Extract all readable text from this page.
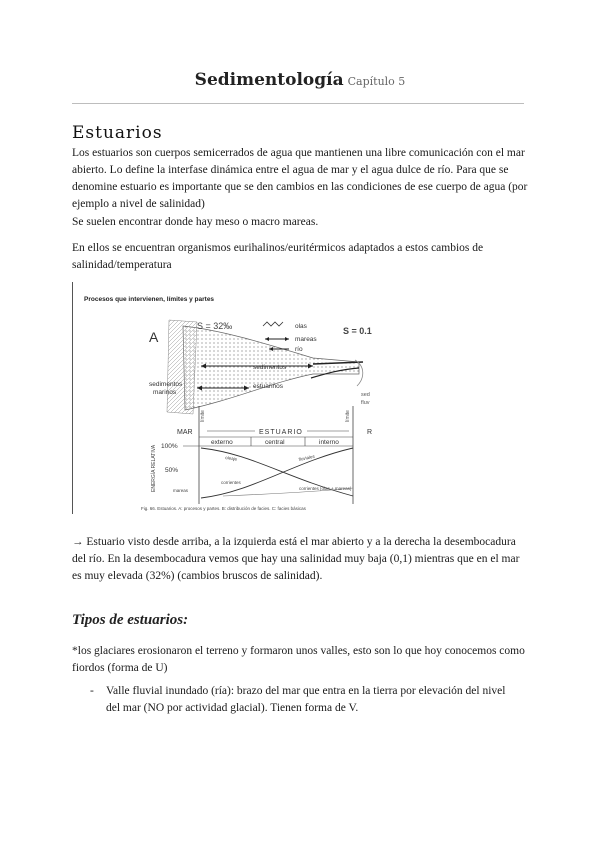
Sedimentología Capítulo 5
Estuarios

Los estuarios son cuerpos semicerrados de agua que mantienen una libre comunicación con el mar abierto. Lo define la interfase dinámica entre el agua de mar y el agua dulce de río. Para que se denomine estuario es importante que se den cambios en las condiciones de ese cuerpo de agua (por ejemplo a nivel de salinidad)

Se suelen encontrar donde hay meso o macro mareas.

En ellos se encuentran organismos eurihalinos/euritérmicos adaptados a estos cambios de salinidad/temperatura

Procesos que intervienen, límites y partes
A
S = 32‰	S = 0.1
olas
mareas
río
sedimentos
estuarinos
sedimentos
marinos	sed
fluv
límite	límite
MAR	ESTUARIO	R
externo	central	interno
100%
50%
ENERGÍA RELATIVA	oleaje	fluviales
corrientes
corrientes (olas + mareas)
mareas
Fig. 66. Estuarios. A: procesos y partes. B: distribución de facies. C: facies básicas

→ Estuario visto desde arriba, a la izquierda está el mar abierto y a la derecha la desembocadura del río. En la desembocadura vemos que hay una salinidad muy baja (0,1) mientras que en el mar es muy elevada (32%) (cambios bruscos de salinidad).

Tipos de estuarios:

*los glaciares erosionaron el terreno y formaron unos valles, esto son lo que hoy conocemos como fiordos (forma de U)

- Valle fluvial inundado (ría): brazo del mar que entra en la tierra por elevación del nivel del mar (NO por actividad glacial). Tienen forma de V.
